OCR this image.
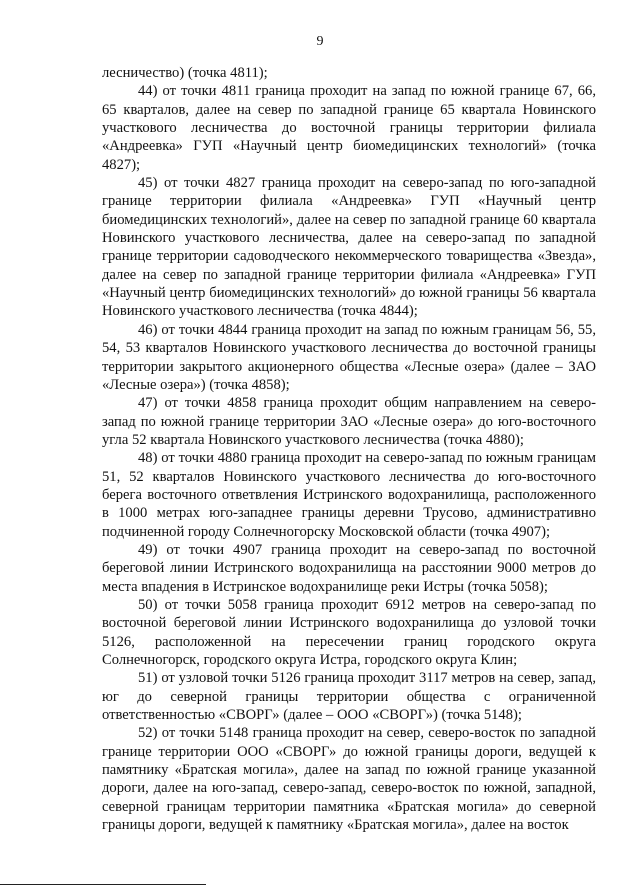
9

лесничество) (точка 4811);

44) от точки 4811 граница проходит на запад по южной границе 67, 66, 65 кварталов, далее на север по западной границе 65 квартала Новинского участкового лесничества до восточной границы территории филиала «Андреевка» ГУП «Научный центр биомедицинских технологий» (точка 4827);

45) от точки 4827 граница проходит на северо-запад по юго-западной границе территории филиала «Андреевка» ГУП «Научный центр биомедицинских технологий», далее на север по западной границе 60 квартала Новинского участкового лесничества, далее на северо-запад по западной границе территории садоводческого некоммерческого товарищества «Звезда», далее на север по западной границе территории филиала «Андреевка» ГУП «Научный центр биомедицинских технологий» до южной границы 56 квартала Новинского участкового лесничества (точка 4844);

46) от точки 4844 граница проходит на запад по южным границам 56, 55, 54, 53 кварталов Новинского участкового лесничества до восточной границы территории закрытого акционерного общества «Лесные озера» (далее – ЗАО «Лесные озера») (точка 4858);

47) от точки 4858 граница проходит общим направлением на северо-запад по южной границе территории ЗАО «Лесные озера» до юго-восточного угла 52 квартала Новинского участкового лесничества (точка 4880);

48) от точки 4880 граница проходит на северо-запад по южным границам 51, 52 кварталов Новинского участкового лесничества до юго-восточного берега восточного ответвления Истринского водохранилища, расположенного в 1000 метрах юго-западнее границы деревни Трусово, административно подчиненной городу Солнечногорску Московской области (точка 4907);

49) от точки 4907 граница проходит на северо-запад по восточной береговой линии Истринского водохранилища на расстоянии 9000 метров до места впадения в Истринское водохранилище реки Истры (точка 5058);

50) от точки 5058 граница проходит 6912 метров на северо-запад по восточной береговой линии Истринского водохранилища до узловой точки 5126, расположенной на пересечении границ городского округа Солнечногорск, городского округа Истра, городского округа Клин;

51) от узловой точки 5126 граница проходит 3117 метров на север, запад, юг до северной границы территории общества с ограниченной ответственностью «СВОРГ» (далее – ООО «СВОРГ») (точка 5148);

52) от точки 5148 граница проходит на север, северо-восток по западной границе территории ООО «СВОРГ» до южной границы дороги, ведущей к памятнику «Братская могила», далее на запад по южной границе указанной дороги, далее на юго-запад, северо-запад, северо-восток по южной, западной, северной границам территории памятника «Братская могила» до северной границы дороги, ведущей к памятнику «Братская могила», далее на восток
